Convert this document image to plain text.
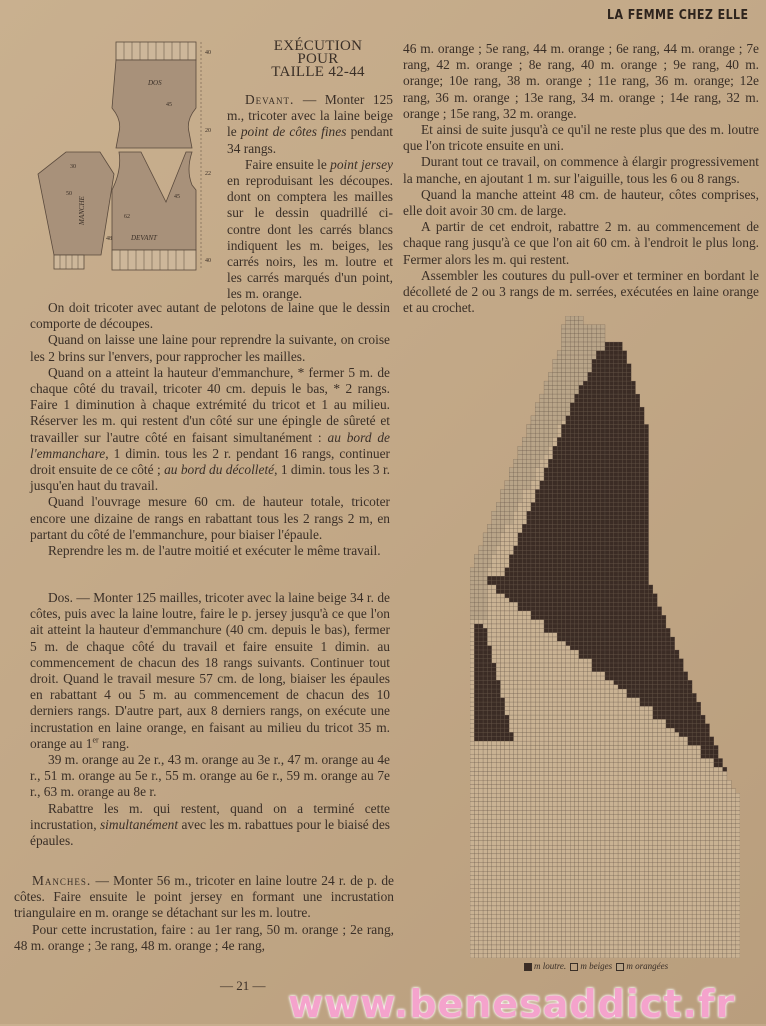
LA FEMME CHEZ ELLE
DOS
DEVANT
MANCHE
40
20
22
62
40
30
50
48
45
45
EXÉCUTION
POUR
TAILLE 42-44

Devant. — Monter 125 m., tricoter avec la laine beige le point de côtes fines pendant 34 rangs.

Faire ensuite le point jersey en reproduisant les découpes. dont on comptera les mailles sur le dessin quadrillé ci-contre dont les carrés blancs indiquent les m. beiges, les carrés noirs, les m. loutre et les carrés marqués d'un point, les m. orange.

On doit tricoter avec autant de pelotons de laine que le dessin comporte de découpes.

Quand on laisse une laine pour reprendre la suivante, on croise les 2 brins sur l'envers, pour rapprocher les mailles.

Quand on a atteint la hauteur d'emmanchure, * fermer 5 m. de chaque côté du travail, tricoter 40 cm. depuis le bas, * 2 rangs. Faire 1 diminution à chaque extrémité du tricot et 1 au milieu. Réserver les m. qui restent d'un côté sur une épingle de sûreté et travailler sur l'autre côté en faisant simultanément : au bord de l'emmanchare, 1 dimin. tous les 2 r. pendant 16 rangs, continuer droit ensuite de ce côté ; au bord du décolleté, 1 dimin. tous les 3 r. jusqu'en haut du travail.

Quand l'ouvrage mesure 60 cm. de hauteur totale, tricoter encore une dizaine de rangs en rabattant tous les 2 rangs 2 m, en partant du côté de l'emmanchure, pour biaiser l'épaule.

Reprendre les m. de l'autre moitié et exécuter le même travail.

Dos. — Monter 125 mailles, tricoter avec la laine beige 34 r. de côtes, puis avec la laine loutre, faire le p. jersey jusqu'à ce que l'on ait atteint la hauteur d'emmanchure (40 cm. depuis le bas), fermer 5 m. de chaque côté du travail et faire ensuite 1 dimin. au commencement de chacun des 18 rangs suivants. Continuer tout droit. Quand le travail mesure 57 cm. de long, biaiser les épaules en rabattant 4 ou 5 m. au commencement de chacun des 10 derniers rangs. D'autre part, aux 8 derniers rangs, on exécute une incrustation en laine orange, en faisant au milieu du tricot 35 m. orange au 1er rang.

39 m. orange au 2e r., 43 m. orange au 3e r., 47 m. orange au 4e r., 51 m. orange au 5e r., 55 m. orange au 6e r., 59 m. orange au 7e r., 63 m. orange au 8e r.

Rabattre les m. qui restent, quand on a terminé cette incrustation, simultanément avec les m. rabattues pour le biaisé des épaules.

Manches. — Monter 56 m., tricoter en laine loutre 24 r. de p. de côtes. Faire ensuite le point jersey en formant une incrustation triangulaire en m. orange se détachant sur les m. loutre.

Pour cette incrustation, faire : au 1er rang, 50 m. orange ; 2e rang, 48 m. orange ; 3e rang, 48 m. orange ; 4e rang,

46 m. orange ; 5e rang, 44 m. orange ; 6e rang, 44 m. orange ; 7e rang, 42 m. orange ; 8e rang, 40 m. orange ; 9e rang, 40 m. orange; 10e rang, 38 m. orange ; 11e rang, 36 m. orange; 12e rang, 36 m. orange ; 13e rang, 34 m. orange ; 14e rang, 32 m. orange ; 15e rang, 32 m. orange.

Et ainsi de suite jusqu'à ce qu'il ne reste plus que des m. loutre que l'on tricote ensuite en uni.

Durant tout ce travail, on commence à élargir progressivement la manche, en ajoutant 1 m. sur l'aiguille, tous les 6 ou 8 rangs.

Quand la manche atteint 48 cm. de hauteur, côtes comprises, elle doit avoir 30 cm. de large.

A partir de cet endroit, rabattre 2 m. au commencement de chaque rang jusqu'à ce que l'on ait 60 cm. à l'endroit le plus long. Fermer alors les m. qui restent.

Assembler les coutures du pull-over et terminer en bordant le décolleté de 2 ou 3 rangs de m. serrées, exécutées en laine orange et au crochet.

m loutre. m beiges m orangées
— 21 — www.benesaddict.fr
